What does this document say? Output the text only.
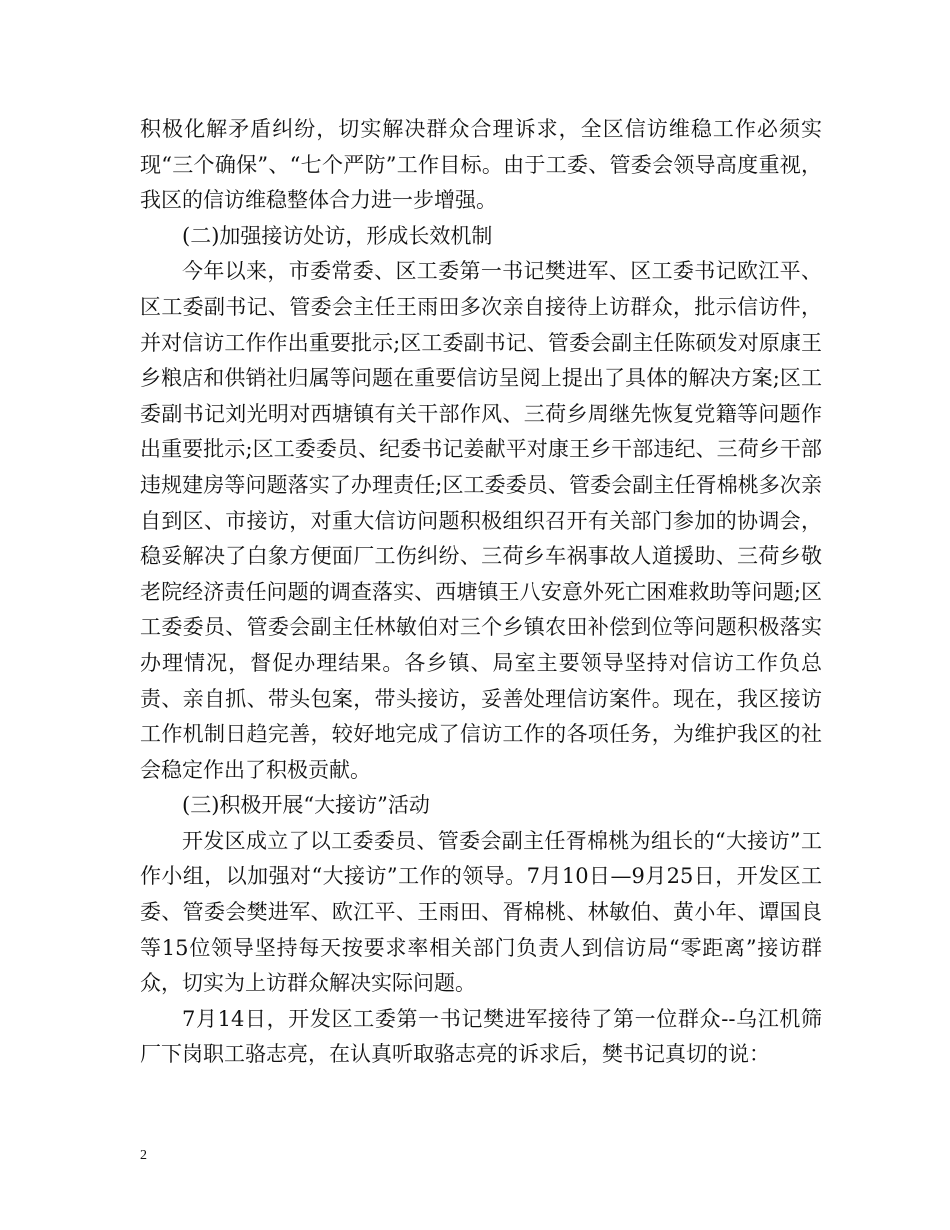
积极化解矛盾纠纷，切实解决群众合理诉求，全区信访维稳工作必须实现“三个确保”、“七个严防”工作目标。由于工委、管委会领导高度重视，我区的信访维稳整体合力进一步增强。

(二)加强接访处访，形成长效机制

今年以来，市委常委、区工委第一书记樊进军、区工委书记欧江平、区工委副书记、管委会主任王雨田多次亲自接待上访群众，批示信访件，并对信访工作作出重要批示;区工委副书记、管委会副主任陈硕发对原康王乡粮店和供销社归属等问题在重要信访呈阅上提出了具体的解决方案;区工委副书记刘光明对西塘镇有关干部作风、三荷乡周继先恢复党籍等问题作出重要批示;区工委委员、纪委书记姜献平对康王乡干部违纪、三荷乡干部违规建房等问题落实了办理责任;区工委委员、管委会副主任胥棉桃多次亲自到区、市接访，对重大信访问题积极组织召开有关部门参加的协调会，稳妥解决了白象方便面厂工伤纠纷、三荷乡车祸事故人道援助、三荷乡敬老院经济责任问题的调查落实、西塘镇王八安意外死亡困难救助等问题;区工委委员、管委会副主任林敏伯对三个乡镇农田补偿到位等问题积极落实办理情况，督促办理结果。各乡镇、局室主要领导坚持对信访工作负总责、亲自抓、带头包案，带头接访，妥善处理信访案件。现在，我区接访工作机制日趋完善，较好地完成了信访工作的各项任务，为维护我区的社会稳定作出了积极贡献。

(三)积极开展“大接访”活动

开发区成立了以工委委员、管委会副主任胥棉桃为组长的“大接访”工作小组，以加强对“大接访”工作的领导。7月10日—9月25日，开发区工委、管委会樊进军、欧江平、王雨田、胥棉桃、林敏伯、黄小年、谭国良等15位领导坚持每天按要求率相关部门负责人到信访局“零距离”接访群众，切实为上访群众解决实际问题。

7月14日，开发区工委第一书记樊进军接待了第一位群众--乌江机筛厂下岗职工骆志亮，在认真听取骆志亮的诉求后，樊书记真切的说：

2
